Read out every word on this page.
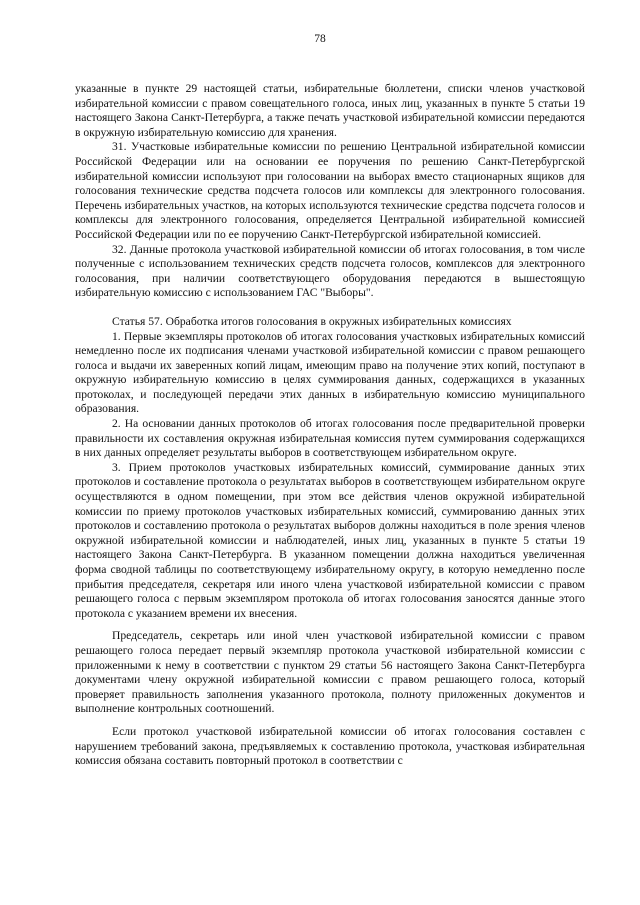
78

указанные в пункте 29 настоящей статьи, избирательные бюллетени, списки членов участковой избирательной комиссии с правом совещательного голоса, иных лиц, указанных в пункте 5 статьи 19 настоящего Закона Санкт-Петербурга, а также печать участковой избирательной комиссии передаются в окружную избирательную комиссию для хранения.

31. Участковые избирательные комиссии по решению Центральной избирательной комиссии Российской Федерации или на основании ее поручения по решению Санкт-Петербургской избирательной комиссии используют при голосовании на выборах вместо стационарных ящиков для голосования технические средства подсчета голосов или комплексы для электронного голосования. Перечень избирательных участков, на которых используются технические средства подсчета голосов и комплексы для электронного голосования, определяется Центральной избирательной комиссией Российской Федерации или по ее поручению Санкт-Петербургской избирательной комиссией.

32. Данные протокола участковой избирательной комиссии об итогах голосования, в том числе полученные с использованием технических средств подсчета голосов, комплексов для электронного голосования, при наличии соответствующего оборудования передаются в вышестоящую избирательную комиссию с использованием ГАС "Выборы".

Статья 57. Обработка итогов голосования в окружных избирательных комиссиях

1. Первые экземпляры протоколов об итогах голосования участковых избирательных комиссий немедленно после их подписания членами участковой избирательной комиссии с правом решающего голоса и выдачи их заверенных копий лицам, имеющим право на получение этих копий, поступают в окружную избирательную комиссию в целях суммирования данных, содержащихся в указанных протоколах, и последующей передачи этих данных в избирательную комиссию муниципального образования.

2. На основании данных протоколов об итогах голосования после предварительной проверки правильности их составления окружная избирательная комиссия путем суммирования содержащихся в них данных определяет результаты выборов в соответствующем избирательном округе.

3. Прием протоколов участковых избирательных комиссий, суммирование данных этих протоколов и составление протокола о результатах выборов в соответствующем избирательном округе осуществляются в одном помещении, при этом все действия членов окружной избирательной комиссии по приему протоколов участковых избирательных комиссий, суммированию данных этих протоколов и составлению протокола о результатах выборов должны находиться в поле зрения членов окружной избирательной комиссии и наблюдателей, иных лиц, указанных в пункте 5 статьи 19 настоящего Закона Санкт-Петербурга. В указанном помещении должна находиться увеличенная форма сводной таблицы по соответствующему избирательному округу, в которую немедленно после прибытия председателя, секретаря или иного члена участковой избирательной комиссии с правом решающего голоса с первым экземпляром протокола об итогах голосования заносятся данные этого протокола с указанием времени их внесения.

Председатель, секретарь или иной член участковой избирательной комиссии с правом решающего голоса передает первый экземпляр протокола участковой избирательной комиссии с приложенными к нему в соответствии с пунктом 29 статьи 56 настоящего Закона Санкт-Петербурга документами члену окружной избирательной комиссии с правом решающего голоса, который проверяет правильность заполнения указанного протокола, полноту приложенных документов и выполнение контрольных соотношений.

Если протокол участковой избирательной комиссии об итогах голосования составлен с нарушением требований закона, предъявляемых к составлению протокола, участковая избирательная комиссия обязана составить повторный протокол в соответствии с
